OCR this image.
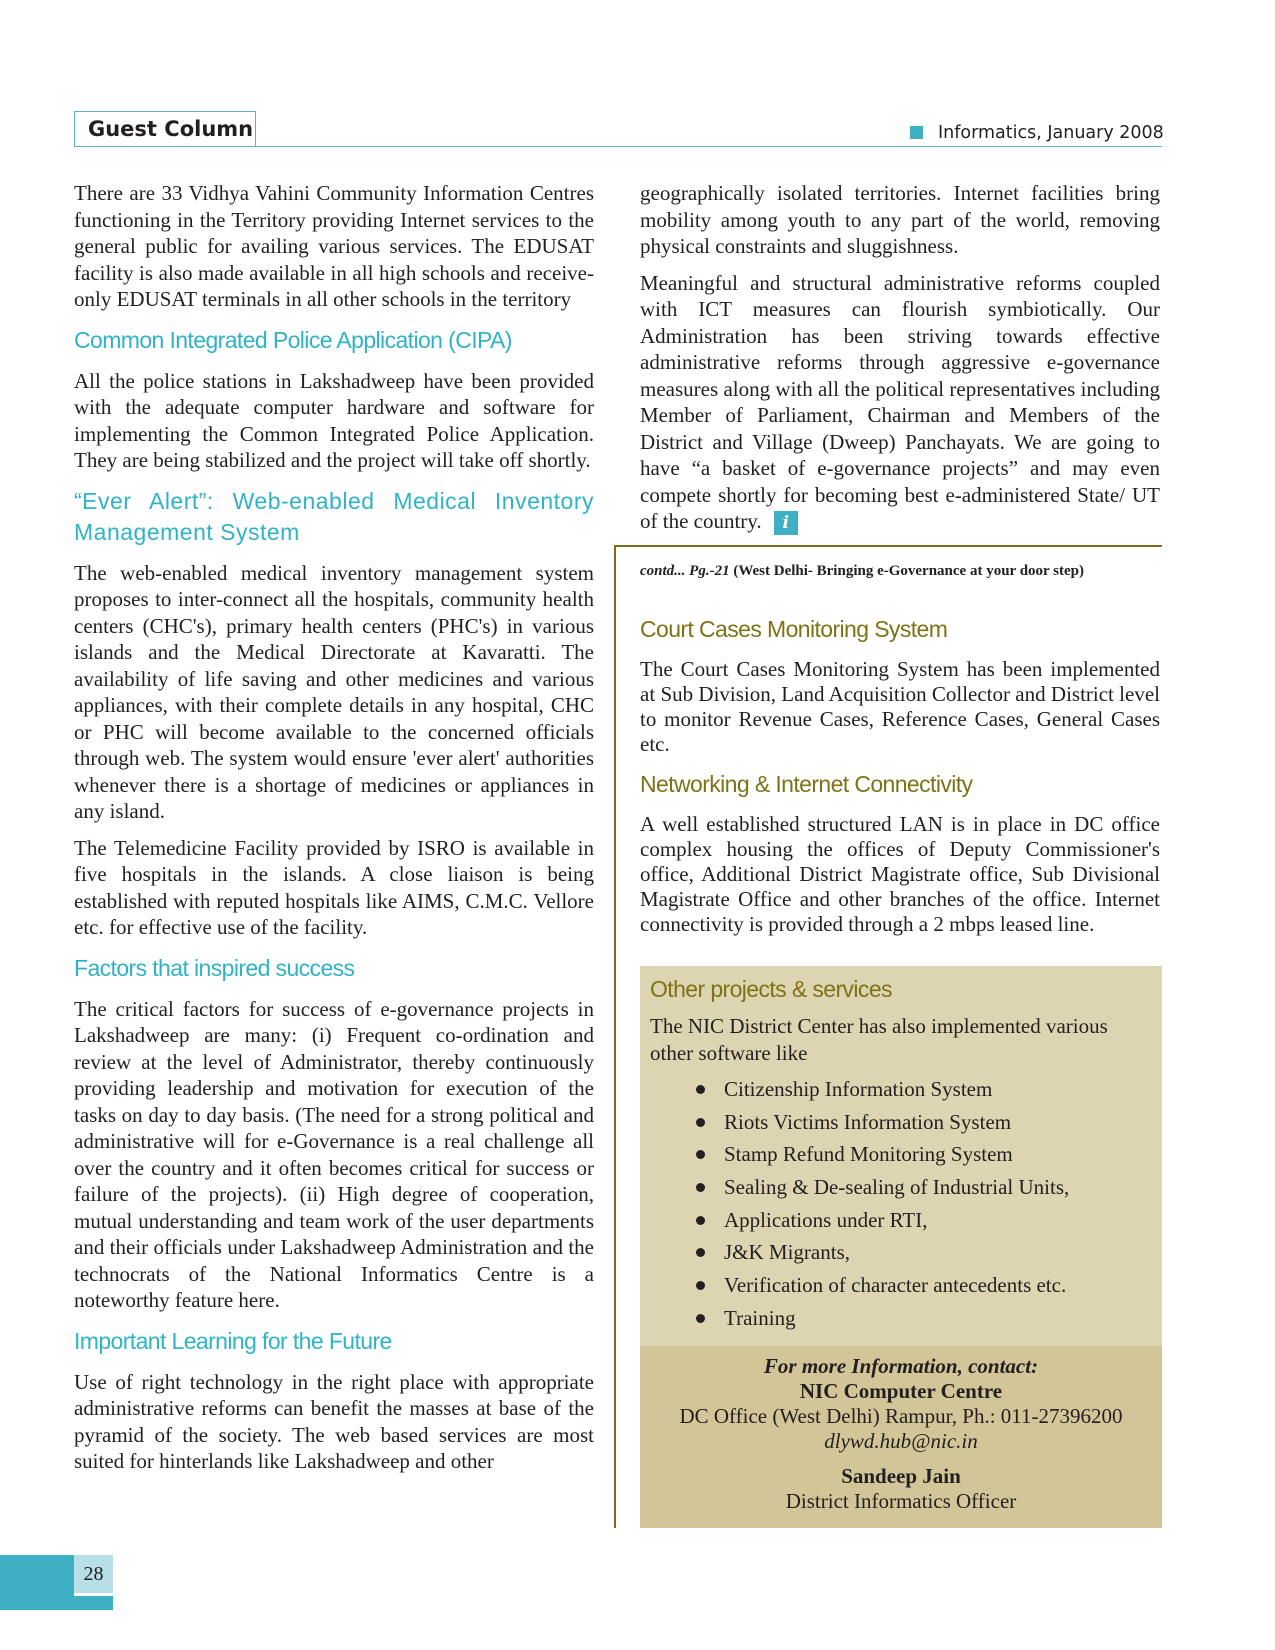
Guest Column	Informatics, January 2008

There are 33 Vidhya Vahini Community Information Centres functioning in the Territory providing Internet services to the general public for availing various services. The EDUSAT facility is also made available in all high schools and receive-only EDUSAT terminals in all other schools in the territory

Common Integrated Police Application (CIPA)

All the police stations in Lakshadweep have been provided with the adequate computer hardware and software for implementing the Common Integrated Police Application. They are being stabilized and the project will take off shortly.

“Ever Alert”: Web-enabled Medical Inventory Management System

The web-enabled medical inventory management system proposes to inter-connect all the hospitals, community health centers (CHC's), primary health centers (PHC's) in various islands and the Medical Directorate at Kavaratti. The availability of life saving and other medicines and various appliances, with their complete details in any hospital, CHC or PHC will become available to the concerned officials through web. The system would ensure 'ever alert' authorities whenever there is a shortage of medicines or appliances in any island.

The Telemedicine Facility provided by ISRO is available in five hospitals in the islands. A close liaison is being established with reputed hospitals like AIMS, C.M.C. Vellore etc. for effective use of the facility.

Factors that inspired success

The critical factors for success of e-governance projects in Lakshadweep are many: (i) Frequent co-ordination and review at the level of Administrator, thereby continuously providing leadership and motivation for execution of the tasks on day to day basis. (The need for a strong political and administrative will for e-Governance is a real challenge all over the country and it often becomes critical for success or failure of the projects). (ii) High degree of cooperation, mutual understanding and team work of the user departments and their officials under Lakshadweep Administration and the technocrats of the National Informatics Centre is a noteworthy feature here.

Important Learning for the Future

Use of right technology in the right place with appropriate administrative reforms can benefit the masses at base of the pyramid of the society. The web based services are most suited for hinterlands like Lakshadweep and other

geographically isolated territories. Internet facilities bring mobility among youth to any part of the world, removing physical constraints and sluggishness.

Meaningful and structural administrative reforms coupled with ICT measures can flourish symbiotically. Our Administration has been striving towards effective administrative reforms through aggressive e-governance measures along with all the political representatives including Member of Parliament, Chairman and Members of the District and Village (Dweep) Panchayats. We are going to have “a basket of e-governance projects” and may even compete shortly for becoming best e-administered State/ UT of the country. i

contd... Pg.-21 (West Delhi- Bringing e-Governance at your door step)
Court Cases Monitoring System

The Court Cases Monitoring System has been implemented at Sub Division, Land Acquisition Collector and District level to monitor Revenue Cases, Reference Cases, General Cases etc.

Networking & Internet Connectivity

A well established structured LAN is in place in DC office complex housing the offices of Deputy Commissioner's office, Additional District Magistrate office, Sub Divisional Magistrate Office and other branches of the office. Internet connectivity is provided through a 2 mbps leased line.

Other projects & services

The NIC District Center has also implemented various other software like

Citizenship Information System
Riots Victims Information System
Stamp Refund Monitoring System
Sealing & De-sealing of Industrial Units,
Applications under RTI,
J&K Migrants,
Verification of character antecedents etc.
Training
For more Information, contact:
NIC Computer Centre
DC Office (West Delhi) Rampur, Ph.: 011-27396200
dlywd.hub@nic.in
Sandeep Jain
District Informatics Officer
28
